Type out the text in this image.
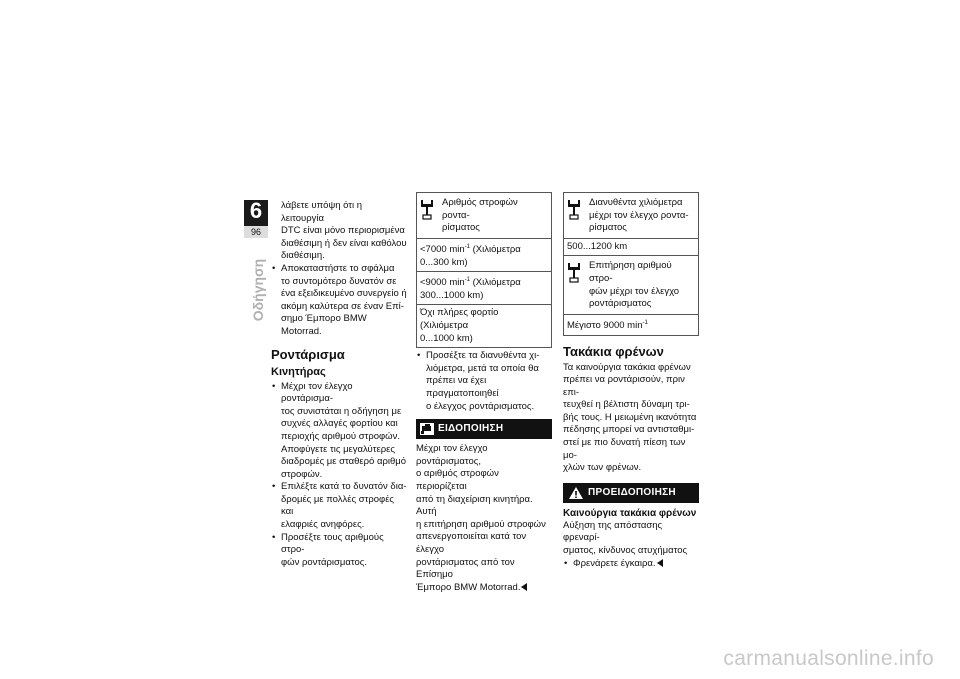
6
96
Οδήγηση

λάβετε υπόψη ότι η λειτουργία

DTC είναι μόνο περιορισμένα

διαθέσιμη ή δεν είναι καθόλου

διαθέσιμη.

• Αποκαταστήστε το σφάλμα

το συντομότερο δυνατόν σε

ένα εξειδικευμένο συνεργείο ή

ακόμη καλύτερα σε έναν Επί-

σημο Έμπορο BMW Motorrad.

Ροντάρισμα
Κινητήρας

• Μέχρι τον έλεγχο ροντάρισμα-

τος συνιστάται η οδήγηση με

συχνές αλλαγές φορτίου και

περιοχής αριθμού στροφών.

Αποφύγετε τις μεγαλύτερες

διαδρομές με σταθερό αριθμό

στροφών.

• Επιλέξτε κατά το δυνατόν δια-

δρομές με πολλές στροφές και

ελαφριές ανηφόρες.

• Προσέξτε τους αριθμούς στρο-

φών ροντάρισματος.

Αριθμός στροφών ροντα-

ρίσματος

<7000 $\min^{-1} (X\iota\lambda\iota ό\mu\varepsilon\tau\rho\alpha$

0...300 km)

<9000 $\min^{-1} (X\iota\lambda\iota ό\mu\varepsilon\tau\rho\alpha$

300...1000 km)

Όχι πλήρες φορτίο (Χιλιόμετρα

0...1000 km)

• Προσέξτε τα διανυθέντα χι-

λιόμετρα, μετά τα οποία θα

πρέπει να έχει πραγματοποιηθεί

ο έλεγχος ροντάρισματος.

ΕΙΔΟΠΟΙΗΣΗ

Μέχρι τον έλεγχο ροντάρισματος,

ο αριθμός στροφών περιορίζεται

από τη διαχείριση κινητήρα. Αυτή

η επιτήρηση αριθμού στροφών

απενεργοποιείται κατά τον έλεγχο

ροντάρισματος από τον Επίσημο

Έμπορο BMW Motorrad.

Διανυθέντα χιλιόμετρα

μέχρι τον έλεγχο ροντα-

ρίσματος

500...1200 km

Επιτήρηση αριθμού στρο-

φών μέχρι τον έλεγχο

ροντάρισματος

Μέγιστο 9000 $\min^{-1}$

Τακάκια φρένων

Τα καινούργια τακάκια φρένων

πρέπει να ροντάρισούν, πριν επι-

τευχθεί η βέλτιστη δύναμη τρι-

βής τους. Η μειωμένη ικανότητα

πέδησης μπορεί να αντισταθμι-

στεί με πιο δυνατή πίεση των μο-

χλών των φρένων.

ΠΡΟΕΙΔΟΠΟΙΗΣΗ
Καινούργια τακάκια φρένων

Αύξηση της απόστασης φρεναρί-

σματος, κίνδυνος ατυχήματος

• Φρενάρετε έγκαιρα.

carmanualsonline.info
